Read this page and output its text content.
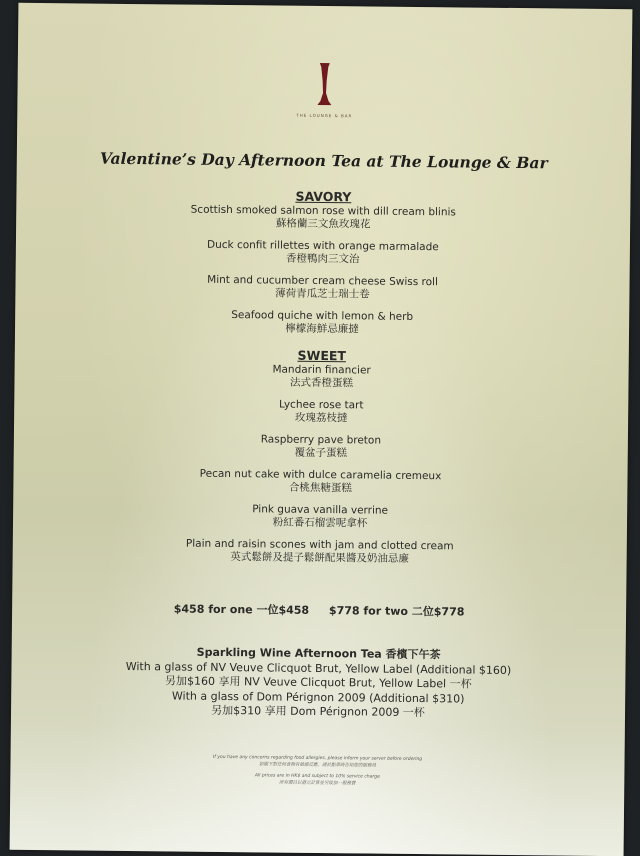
THE LOUNGE & BAR
Valentine’s Day Afternoon Tea at The Lounge & Bar
SAVORY
Scottish smoked salmon rose with dill cream blinis
蘇格蘭三文魚玫瑰花
Duck confit rillettes with orange marmalade
香橙鴨肉三文治
Mint and cucumber cream cheese Swiss roll
薄荷青瓜芝士瑞士卷
Seafood quiche with lemon & herb
檸檬海鮮忌廉撻
SWEET
Mandarin financier
法式香橙蛋糕
Lychee rose tart
玫瑰荔枝撻
Raspberry pave breton
覆盆子蛋糕
Pecan nut cake with dulce caramelia cremeux
合桃焦糖蛋糕
Pink guava vanilla verrine
粉紅番石榴雲呢拿杯
Plain and raisin scones with jam and clotted cream
英式鬆餅及提子鬆餅配果醬及奶油忌廉
$458 for one 一位$458 $778 for two 二位$778
Sparkling Wine Afternoon Tea 香檳下午茶
With a glass of NV Veuve Clicquot Brut, Yellow Label (Additional $160)
另加$160 享用 NV Veuve Clicquot Brut, Yellow Label 一杯
With a glass of Dom Pérignon 2009 (Additional $310)
另加$310 享用 Dom Pérignon 2009 一杯
If you have any concerns regarding food allergies, please inform your server before ordering
如閣下對任何食物有敏感反應，請於點單時告知您的服務員
All prices are in HK$ and subject to 10% service charge
所有價目以港元計算並另收加一服務費
